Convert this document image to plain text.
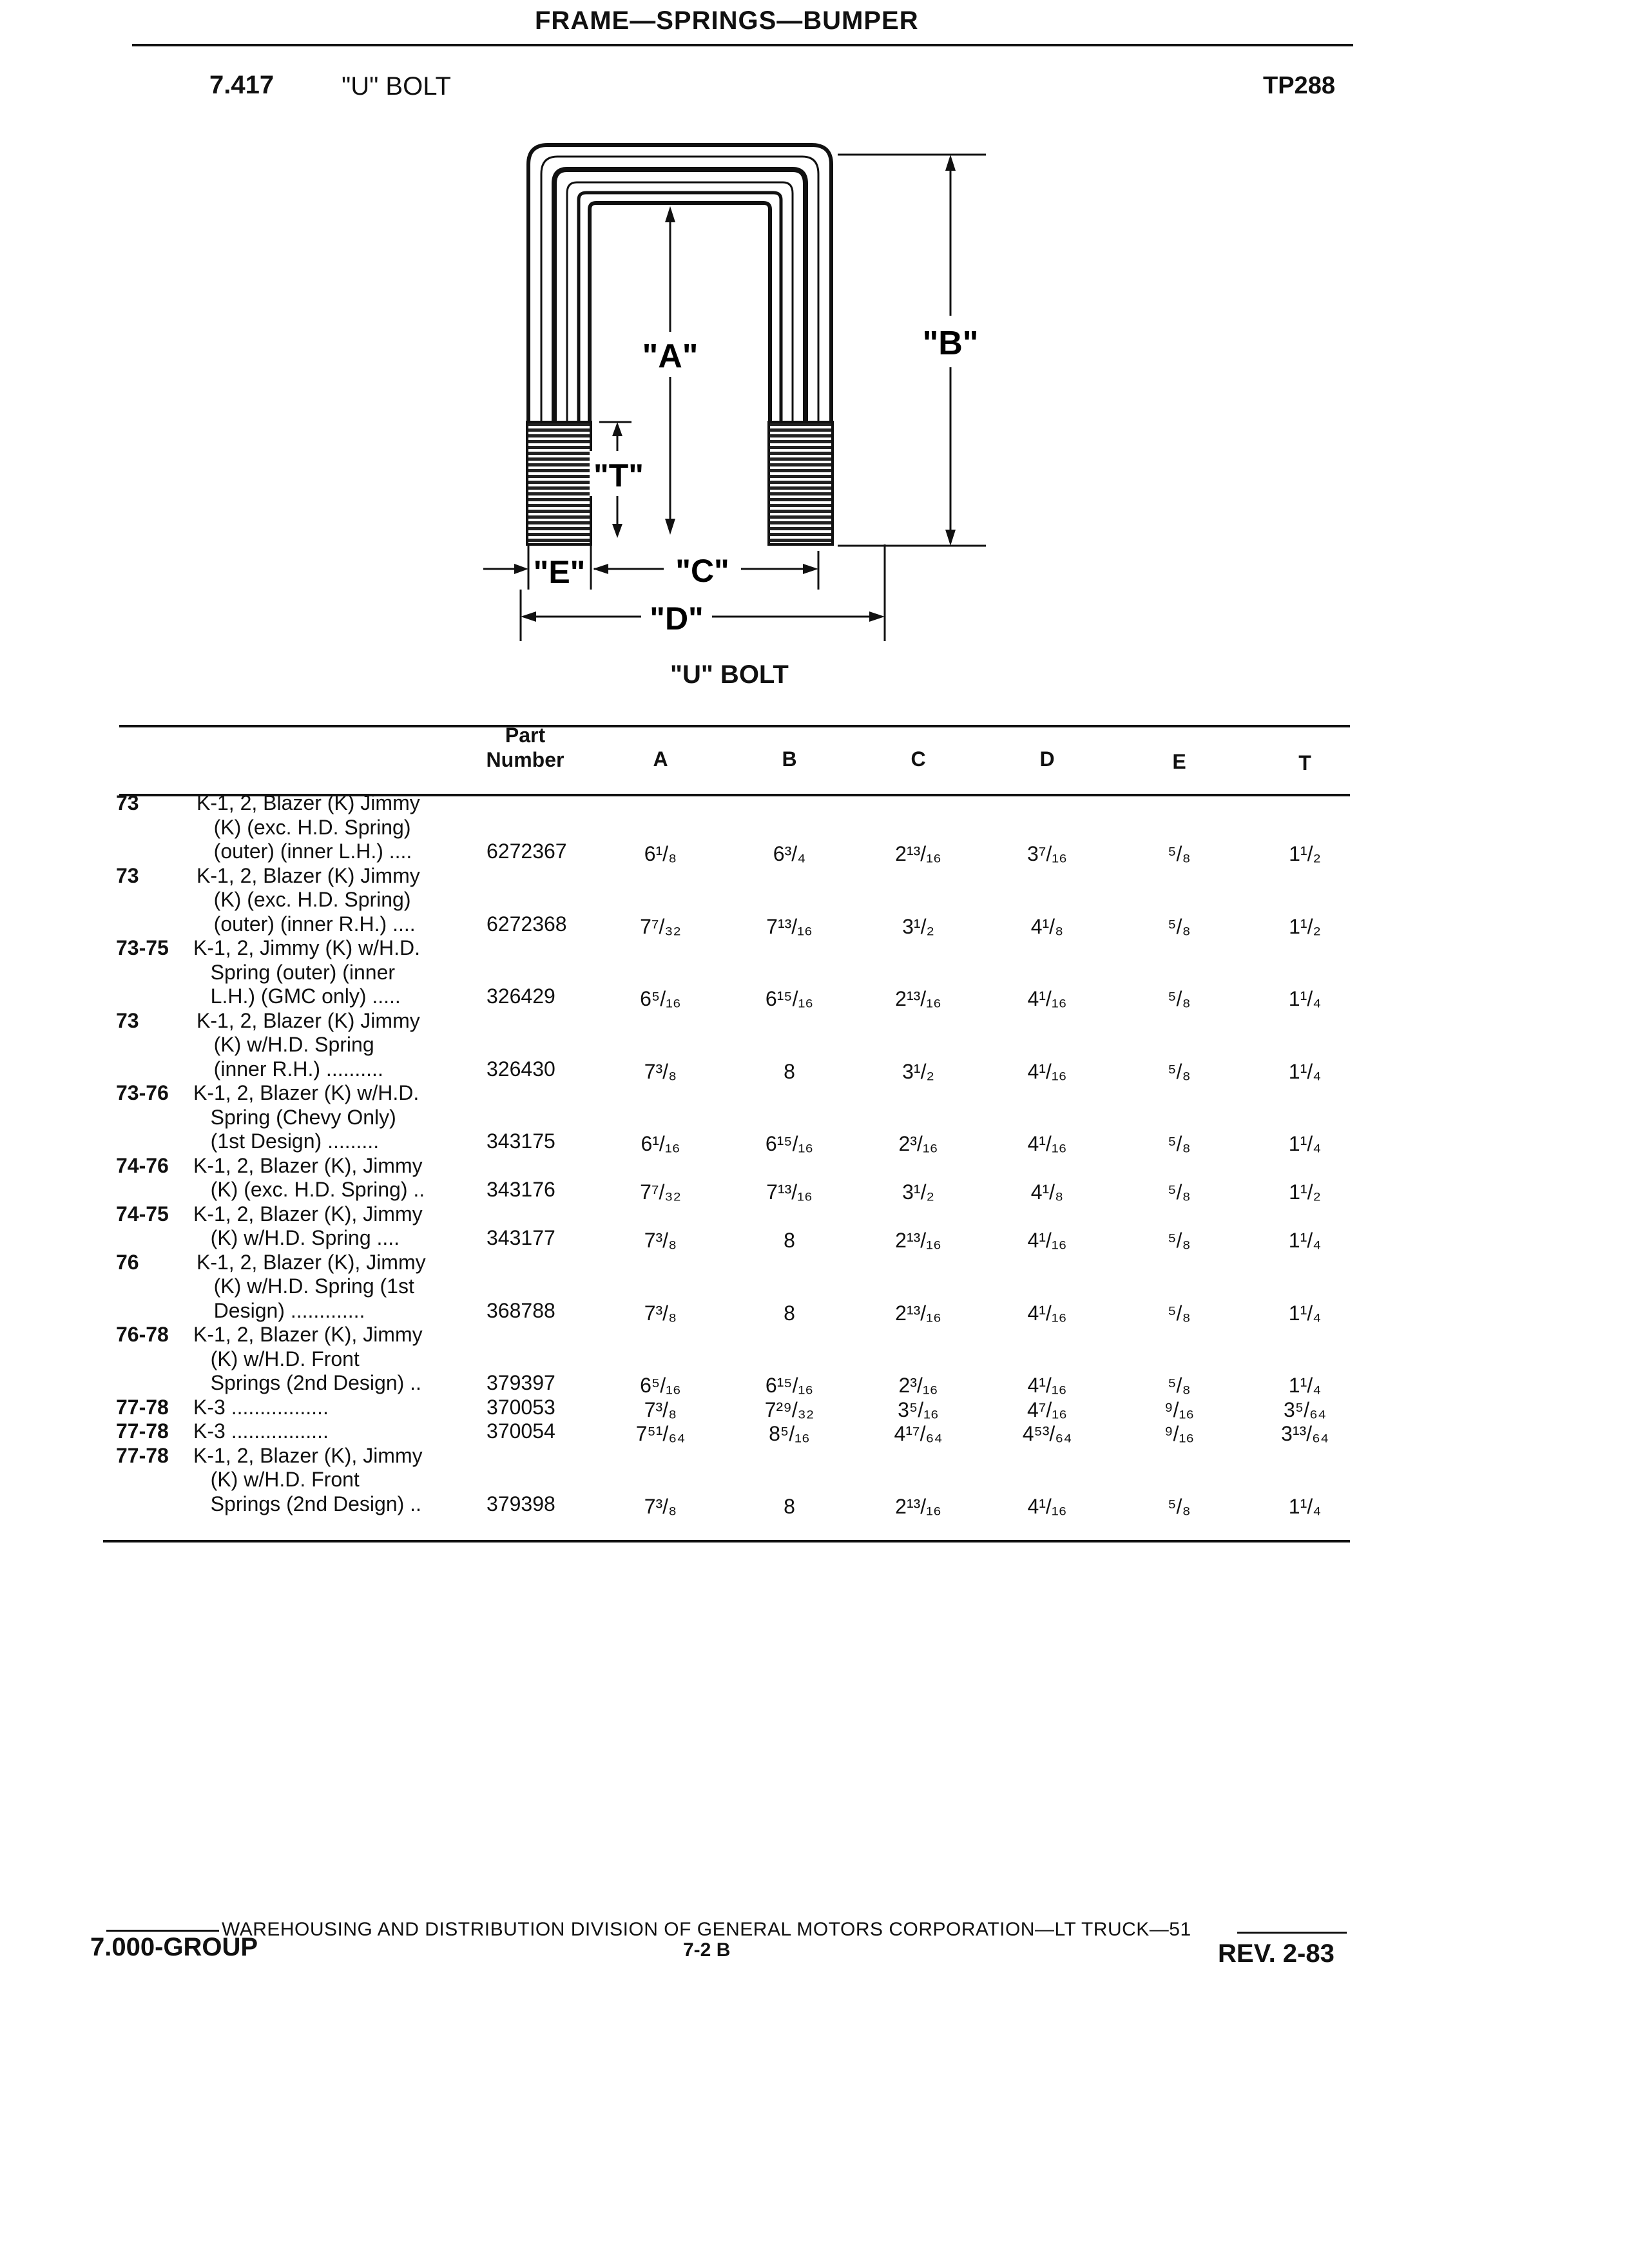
FRAME—SPRINGS—BUMPER
7.417	"U" BOLT	TP288
"A"	"B"
"T"
"E"	"C"
"D"
"U" BOLT
Part
Number	A	B	C	D	E	T
73	K-1, 2, Blazer (K) Jimmy
(K) (exc. H.D. Spring)
(outer) (inner L.H.) ....	6272367	6¹/₈	6³/₄	2¹³/₁₆	3⁷/₁₆	⁵/₈	1¹/₂
73	K-1, 2, Blazer (K) Jimmy
(K) (exc. H.D. Spring)
(outer) (inner R.H.) ....	6272368	7⁷/₃₂	7¹³/₁₆	3¹/₂	4¹/₈	⁵/₈	1¹/₂
73-75 K-1, 2, Jimmy (K) w/H.D.
Spring (outer) (inner
L.H.) (GMC only) .....	326429	6⁵/₁₆	6¹⁵/₁₆	2¹³/₁₆	4¹/₁₆	⁵/₈	1¹/₄
73	K-1, 2, Blazer (K) Jimmy
(K) w/H.D. Spring
(inner R.H.) ..........	326430	7³/₈	8	3¹/₂	4¹/₁₆	⁵/₈	1¹/₄
73-76 K-1, 2, Blazer (K) w/H.D.
Spring (Chevy Only)
(1st Design) .........	343175	6¹/₁₆	6¹⁵/₁₆	2³/₁₆	4¹/₁₆	⁵/₈	1¹/₄
74-76 K-1, 2, Blazer (K), Jimmy
(K) (exc. H.D. Spring) ..	343176	7⁷/₃₂	7¹³/₁₆	3¹/₂	4¹/₈	⁵/₈	1¹/₂
74-75 K-1, 2, Blazer (K), Jimmy
(K) w/H.D. Spring ....	343177	7³/₈	8	2¹³/₁₆	4¹/₁₆	⁵/₈	1¹/₄
76	K-1, 2, Blazer (K), Jimmy
(K) w/H.D. Spring (1st
Design) .............	368788	7³/₈	8	2¹³/₁₆	4¹/₁₆	⁵/₈	1¹/₄
76-78 K-1, 2, Blazer (K), Jimmy
(K) w/H.D. Front
Springs (2nd Design) ..	379397	6⁵/₁₆	6¹⁵/₁₆	2³/₁₆	4¹/₁₆	⁵/₈	1¹/₄
77-78 K-3 .................	370053	7³/₈	7²⁹/₃₂	3⁵/₁₆	4⁷/₁₆	⁹/₁₆	3⁵/₆₄
77-78 K-3 .................	370054	7⁵¹/₆₄	8⁵/₁₆	4¹⁷/₆₄	4⁵³/₆₄	⁹/₁₆	3¹³/₆₄
77-78 K-1, 2, Blazer (K), Jimmy
(K) w/H.D. Front
Springs (2nd Design) ..	379398	7³/₈	8	2¹³/₁₆	4¹/₁₆	⁵/₈	1¹/₄
WAREHOUSING AND DISTRIBUTION DIVISION OF GENERAL MOTORS CORPORATION—LT TRUCK—51
7.000-GROUP	7-2 B	REV. 2-83
